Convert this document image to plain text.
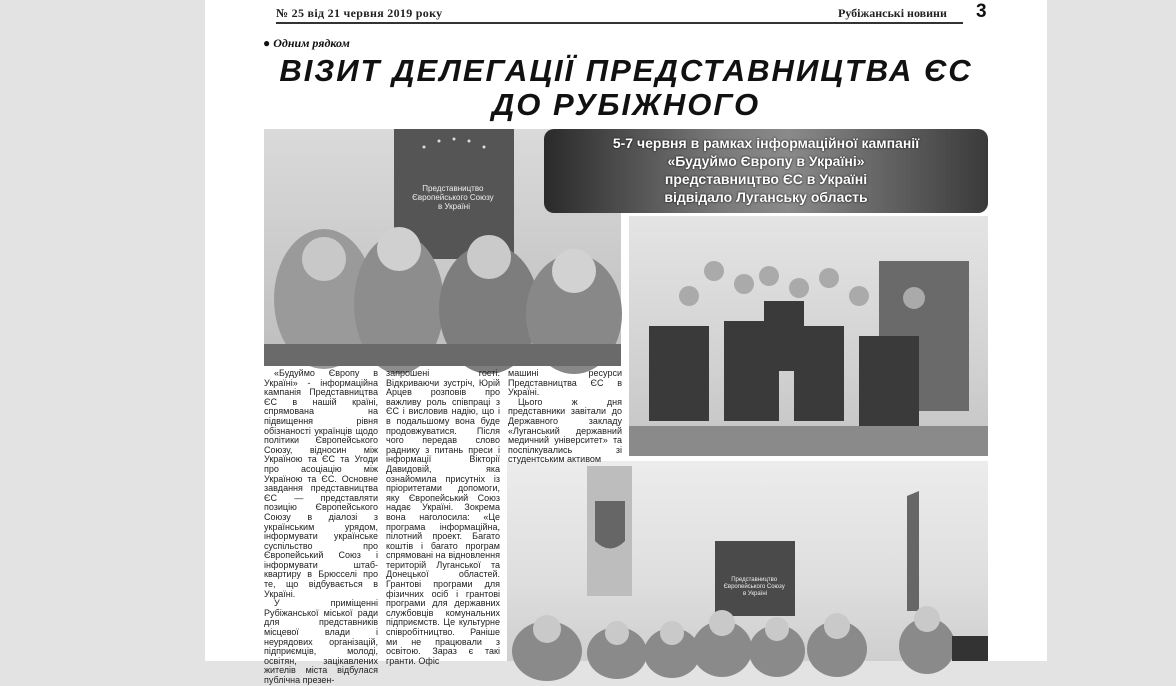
№ 25 від 21 червня 2019 року	Рубіжанські новини 3
● Одним рядком
ВІЗИТ ДЕЛЕГАЦІЇ ПРЕДСТАВНИЦТВА ЄС
ДО РУБІЖНОГО
Представництво Європейського Союзу в Україні
5-7 червня в рамках інформаційної кампанії
«Будуймо Європу в Україні»
представництво ЄС в Україні
відвідало Луганську область
Представництво Європейського Союзу в Україні

«Будуймо Європу в Україні» - інформаційна кампанія Представництва ЄС в нашій країні, спрямована на підвищення рівня обізнаності українців щодо політики Європейського Союзу, відносин між Україною та ЄС та Угоди про асоціацію між Україною та ЄС. Основне завдання представництва ЄС — представляти позицію Європейського Союзу в діалозі з українським урядом, інформувати українське суспільство про Європейський Союз і інформувати штаб-квартиру в Брюсселі про те, що відбувається в Україні.

У приміщенні Рубіжанської міської ради для представників місцевої влади і неурядових організацій, підприємців, молоді, освітян, зацікавлених жителів міста відбулася публічна презен-

запрошені гості. Відкриваючи зустріч, Юрій Арцев розповів про важливу роль співпраці з ЄС і висловив надію, що і в подальшому вона буде продовжуватися. Після чого передав слово раднику з питань преси і інформації Вікторії Давидовій, яка ознайомила присутніх із пріоритетами допомоги, яку Європейський Союз надає Україні. Зокрема вона наголосила: «Це програма інформаційна, пілотний проект. Багато коштів і багато програм спрямовані на відновлення територій Луганської та Донецької областей. Грантові програми для фізичних осіб і грантові програми для державних службовців комунальних підприємств. Це культурне співробітництво. Раніше ми не працювали з освітою. Зараз є такі гранти. Офіс

машині ресурси Представництва ЄС в Україні.

Цього ж дня представники завітали до Державного закладу «Луганський державний медичний університет» та поспілкувались зі студентським активом
